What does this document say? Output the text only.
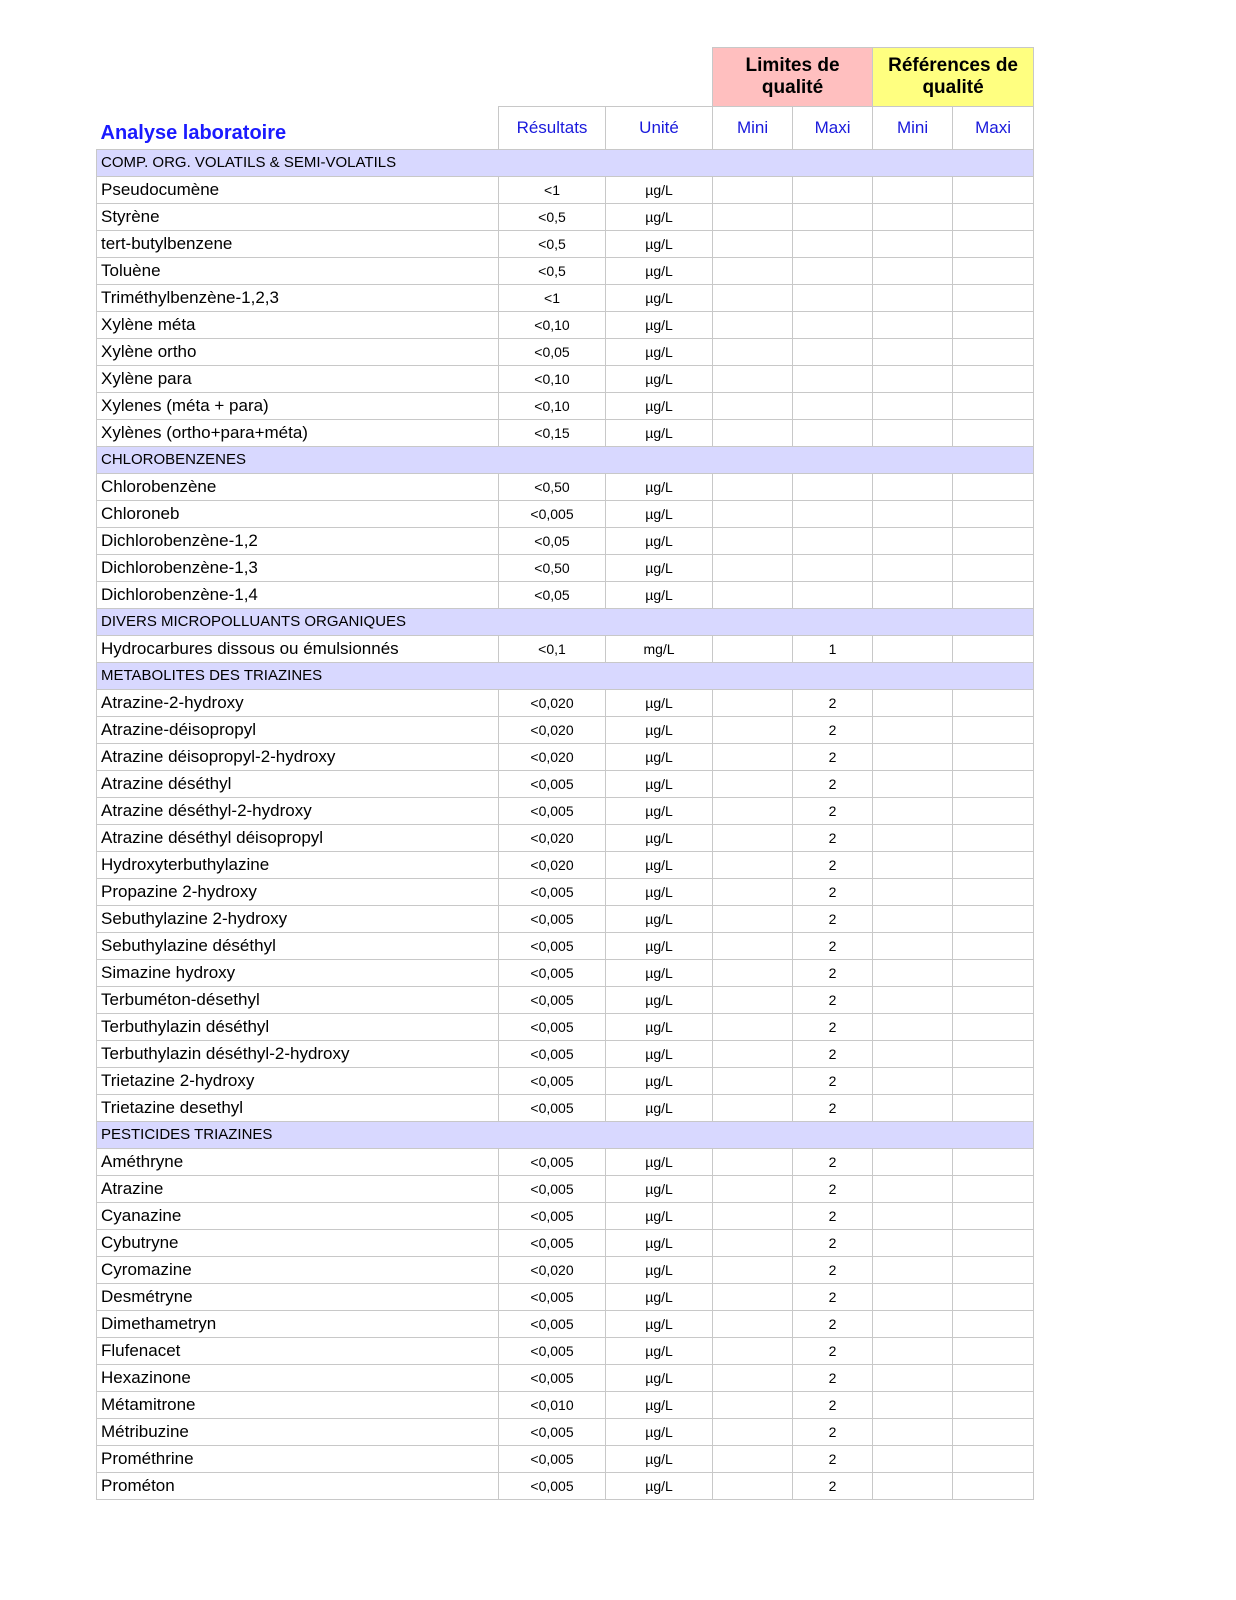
			Limites de qualité		Références de qualité	
Analyse laboratoire	Résultats	Unité	Mini	Maxi	Mini	Maxi
COMP. ORG. VOLATILS & SEMI-VOLATILS						
Pseudocumène	<1	µg/L				
Styrène	<0,5	µg/L				
tert-butylbenzene	<0,5	µg/L				
Toluène	<0,5	µg/L				
Triméthylbenzène-1,2,3	<1	µg/L				
Xylène méta	<0,10	µg/L				
Xylène ortho	<0,05	µg/L				
Xylène para	<0,10	µg/L				
Xylenes (méta + para)	<0,10	µg/L				
Xylènes (ortho+para+méta)	<0,15	µg/L				
CHLOROBENZENES						
Chlorobenzène	<0,50	µg/L				
Chloroneb	<0,005	µg/L				
Dichlorobenzène-1,2	<0,05	µg/L				
Dichlorobenzène-1,3	<0,50	µg/L				
Dichlorobenzène-1,4	<0,05	µg/L				
DIVERS MICROPOLLUANTS ORGANIQUES						
Hydrocarbures dissous ou émulsionnés	<0,1	mg/L		1		
METABOLITES DES TRIAZINES						
Atrazine-2-hydroxy	<0,020	µg/L		2		
Atrazine-déisopropyl	<0,020	µg/L		2		
Atrazine déisopropyl-2-hydroxy	<0,020	µg/L		2		
Atrazine déséthyl	<0,005	µg/L		2		
Atrazine déséthyl-2-hydroxy	<0,005	µg/L		2		
Atrazine déséthyl déisopropyl	<0,020	µg/L		2		
Hydroxyterbuthylazine	<0,020	µg/L		2		
Propazine 2-hydroxy	<0,005	µg/L		2		
Sebuthylazine 2-hydroxy	<0,005	µg/L		2		
Sebuthylazine déséthyl	<0,005	µg/L		2		
Simazine hydroxy	<0,005	µg/L		2		
Terbuméton-désethyl	<0,005	µg/L		2		
Terbuthylazin déséthyl	<0,005	µg/L		2		
Terbuthylazin déséthyl-2-hydroxy	<0,005	µg/L		2		
Trietazine 2-hydroxy	<0,005	µg/L		2		
Trietazine desethyl	<0,005	µg/L		2		
PESTICIDES TRIAZINES						
Améthryne	<0,005	µg/L		2		
Atrazine	<0,005	µg/L		2		
Cyanazine	<0,005	µg/L		2		
Cybutryne	<0,005	µg/L		2		
Cyromazine	<0,020	µg/L		2		
Desmétryne	<0,005	µg/L		2		
Dimethametryn	<0,005	µg/L		2		
Flufenacet	<0,005	µg/L		2		
Hexazinone	<0,005	µg/L		2		
Métamitrone	<0,010	µg/L		2		
Métribuzine	<0,005	µg/L		2		
Prométhrine	<0,005	µg/L		2		
Prométon	<0,005	µg/L		2		
